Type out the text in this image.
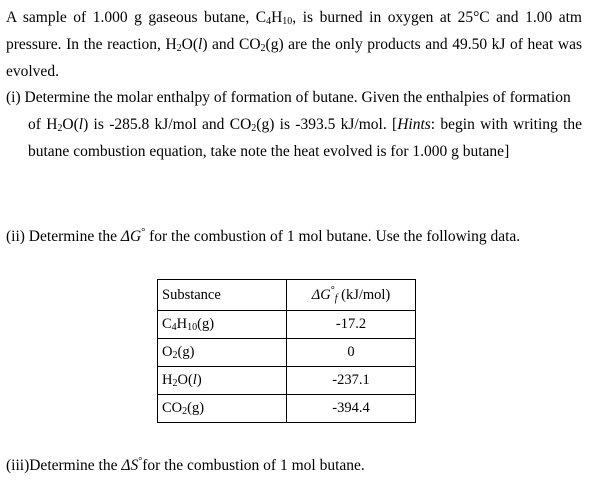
A sample of 1.000 g gaseous butane, $C_4H_{10}$, is burned in oxygen at 25°C and 1.00 atm pressure. In the reaction, $H_2O(l)$ and $CO_2(g)$ are the only products and 49.50 kJ of heat was evolved.
(i) Determine the molar enthalpy of formation of butane. Given the enthalpies of formation
of $H_2O(l)$ is -285.8 kJ/mol and $CO_2(g)$ is -393.5 kJ/mol. [Hints: begin with writing the butane combustion equation, take note the heat evolved is for 1.000 g butane]
(ii) Determine the ΔG° for the combustion of 1 mol butane. Use the following data.
Substance	$\Delta G^\circ_f$ (kJ/mol)
$C_4H_{10}(g)$	-17.2
$O_2(g)$	0
$H_2O(l)$	-237.1
$CO_2(g)$	-394.4
(iii)Determine the ΔS°for the combustion of 1 mol butane.
